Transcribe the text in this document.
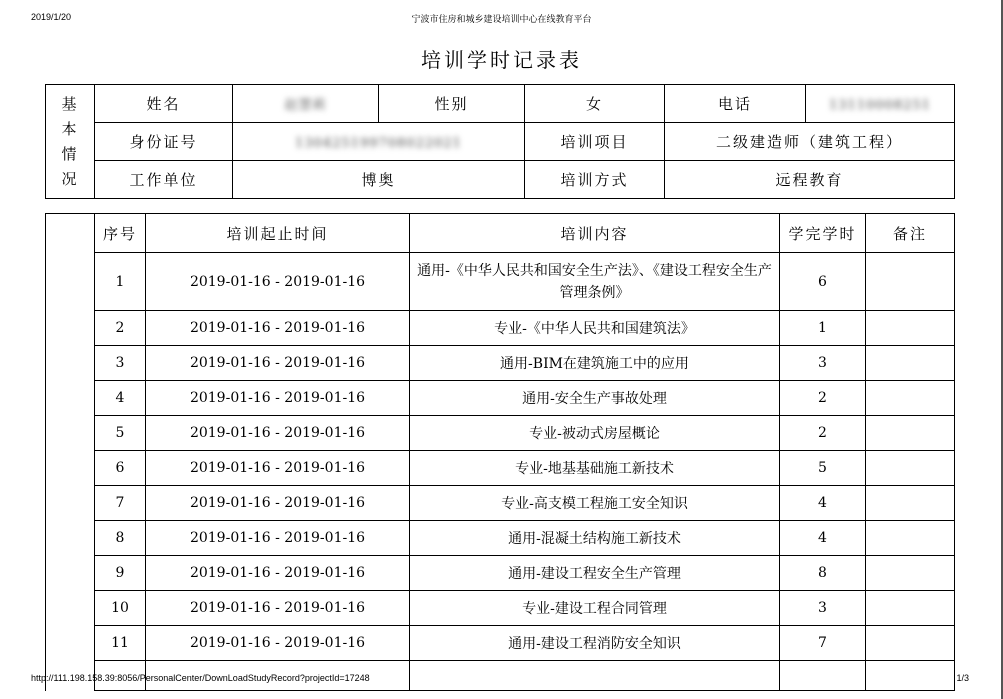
2019/1/20	宁波市住房和城乡建设培训中心在线教育平台
培训学时记录表
基
本
情
况	姓名	赵慧莉	性别	女	电话	13110008251
	身份证号	130425199708022021		培训项目	二级建造师（建筑工程）	
	工作单位	博奥		培训方式	远程教育	
	序号	培训起止时间	培训内容	学完学时	备注
	1	2019-01-16 - 2019-01-16	通用-《中华人民共和国安全生产法》、《建设工程安全生产管理条例》	6	
	2	2019-01-16 - 2019-01-16	专业-《中华人民共和国建筑法》	1	
	3	2019-01-16 - 2019-01-16	通用-BIM在建筑施工中的应用	3	
	4	2019-01-16 - 2019-01-16	通用-安全生产事故处理	2	
	5	2019-01-16 - 2019-01-16	专业-被动式房屋概论	2	
	6	2019-01-16 - 2019-01-16	专业-地基基础施工新技术	5	
	7	2019-01-16 - 2019-01-16	专业-高支模工程施工安全知识	4	
	8	2019-01-16 - 2019-01-16	通用-混凝土结构施工新技术	4	
	9	2019-01-16 - 2019-01-16	通用-建设工程安全生产管理	8	
	10	2019-01-16 - 2019-01-16	专业-建设工程合同管理	3	
	11	2019-01-16 - 2019-01-16	通用-建设工程消防安全知识	7	

http://111.198.158.39:8056/PersonalCenter/DownLoadStudyRecord?projectId=17248	1/3
